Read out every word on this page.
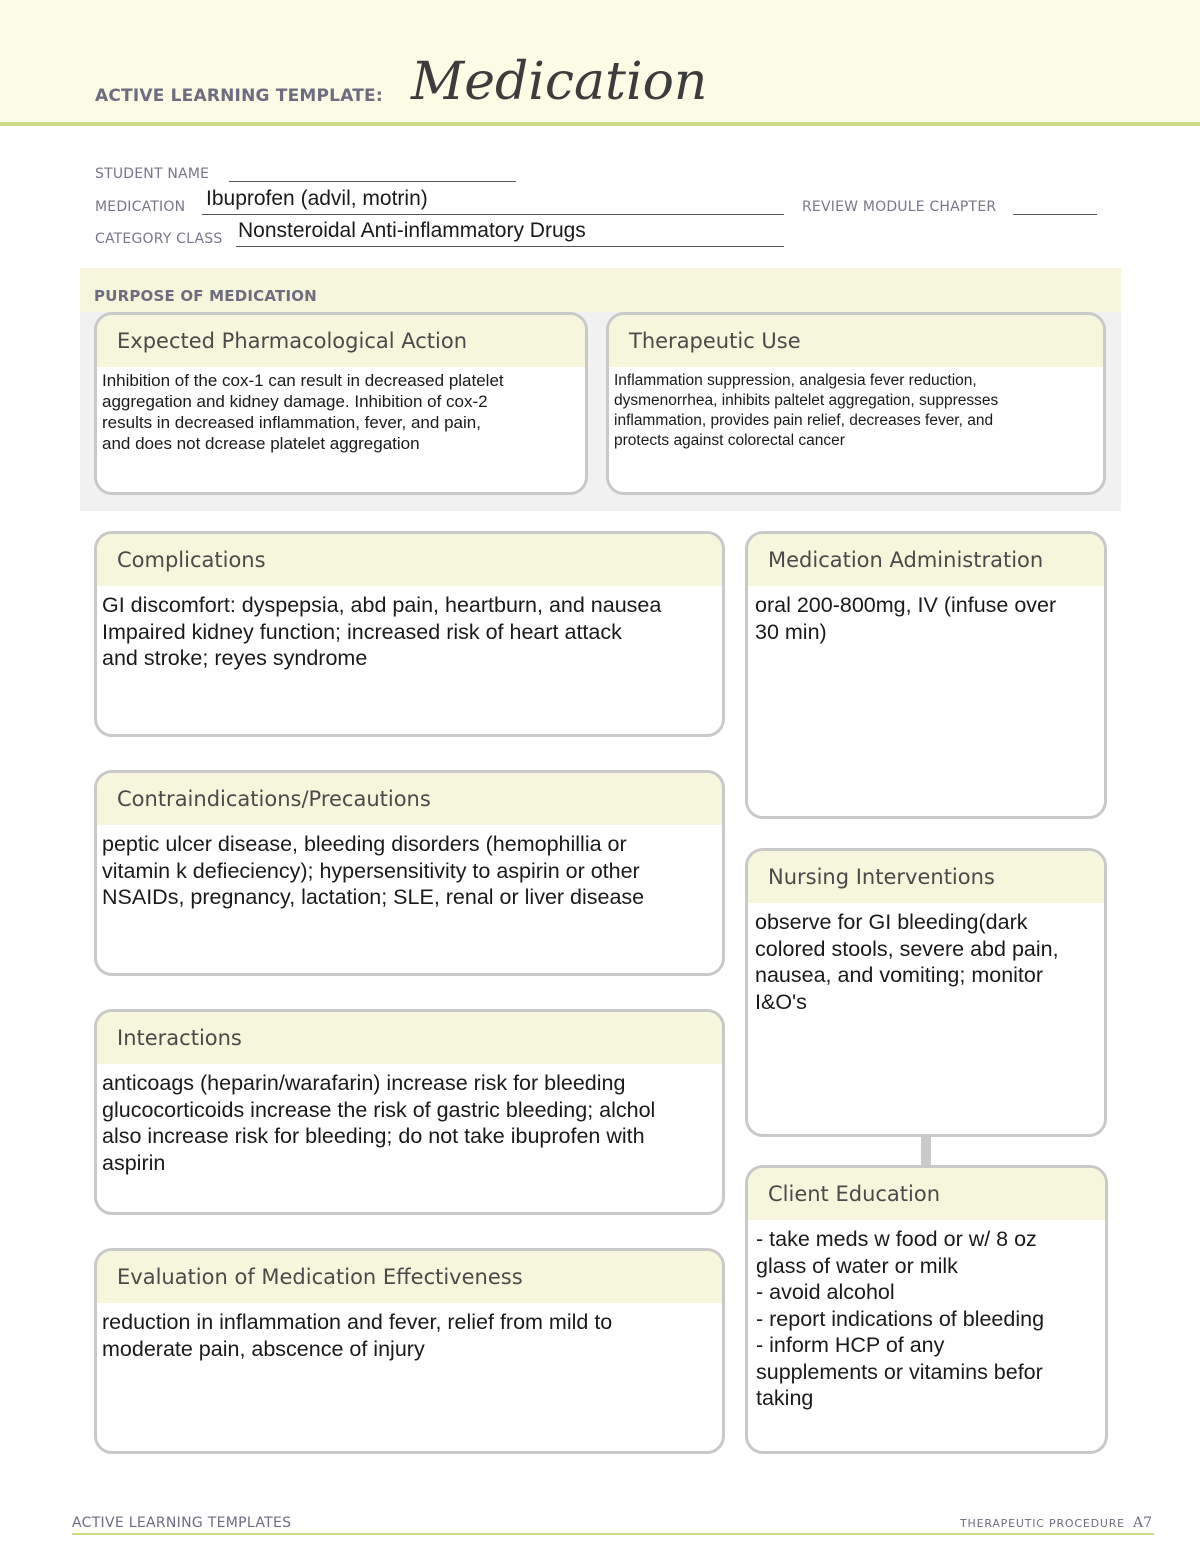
ACTIVE LEARNING TEMPLATE: Medication
STUDENT NAME
MEDICATION Ibuprofen (advil, motrin)	REVIEW MODULE CHAPTER
CATEGORY CLASS Nonsteroidal Anti-inflammatory Drugs
PURPOSE OF MEDICATION
Expected Pharmacological Action
Inhibition of the cox-1 can result in decreased platelet
aggregation and kidney damage. Inhibition of cox-2
results in decreased inflammation, fever, and pain,
and does not dcrease platelet aggregation
Therapeutic Use
Inflammation suppression, analgesia fever reduction,
dysmenorrhea, inhibits paltelet aggregation, suppresses
inflammation, provides pain relief, decreases fever, and
protects against colorectal cancer
Complications
GI discomfort: dyspepsia, abd pain, heartburn, and nausea
Impaired kidney function; increased risk of heart attack
and stroke; reyes syndrome
Contraindications/Precautions
peptic ulcer disease, bleeding disorders (hemophillia or
vitamin k defieciency); hypersensitivity to aspirin or other
NSAIDs, pregnancy, lactation; SLE, renal or liver disease
Interactions
anticoags (heparin/warafarin) increase risk for bleeding
glucocorticoids increase the risk of gastric bleeding; alchol
also increase risk for bleeding; do not take ibuprofen with
aspirin
Evaluation of Medication Effectiveness
reduction in inflammation and fever, relief from mild to
moderate pain, abscence of injury
Medication Administration
oral 200-800mg, IV (infuse over
30 min)
Nursing Interventions
observe for GI bleeding(dark
colored stools, severe abd pain,
nausea, and vomiting; monitor
I&O's
Client Education
- take meds w food or w/ 8 oz
glass of water or milk
- avoid alcohol
- report indications of bleeding
- inform HCP of any
supplements or vitamins befor
taking
ACTIVE LEARNING TEMPLATES	THERAPEUTIC PROCEDURE A7
